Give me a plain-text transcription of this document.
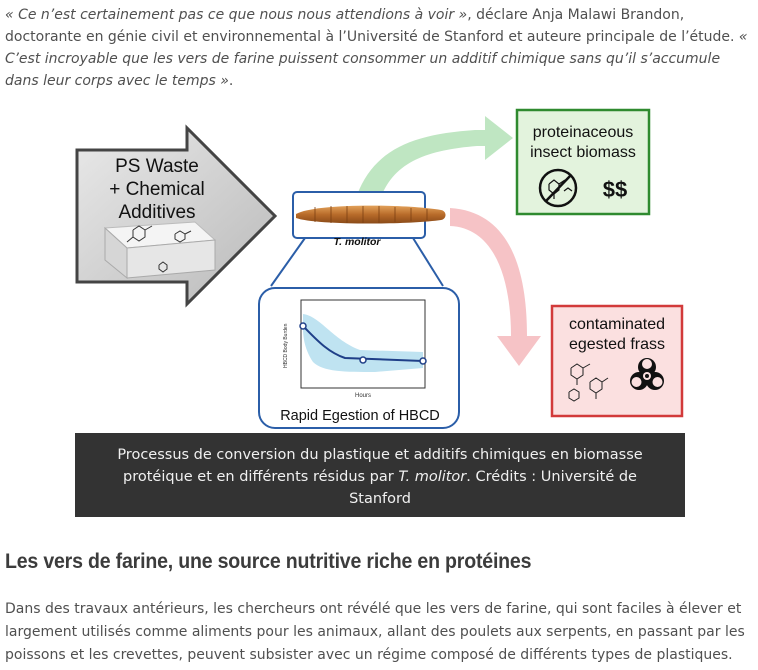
« Ce n’est certainement pas ce que nous nous attendions à voir », déclare Anja Malawi Brandon, doctorante en génie civil et environnemental à l’Université de Stanford et auteure principale de l’étude. « C’est incroyable que les vers de farine puissent consommer un additif chimique sans qu’il s’accumule dans leur corps avec le temps ».

PS Waste
+ Chemical
Additives
T. molitor
HBCD Body Burden
Hours
Rapid Egestion of HBCD
proteinaceous
insect biomass
$$
contaminated
egested frass
Processus de conversion du plastique et additifs chimiques en biomasse protéique et en différents résidus par T. molitor. Crédits : Université de Stanford
Les vers de farine, une source nutritive riche en protéines

Dans des travaux antérieurs, les chercheurs ont révélé que les vers de farine, qui sont faciles à élever et largement utilisés comme aliments pour les animaux, allant des poulets aux serpents, en passant par les poissons et les crevettes, peuvent subsister avec un régime composé de différents types de plastiques.
